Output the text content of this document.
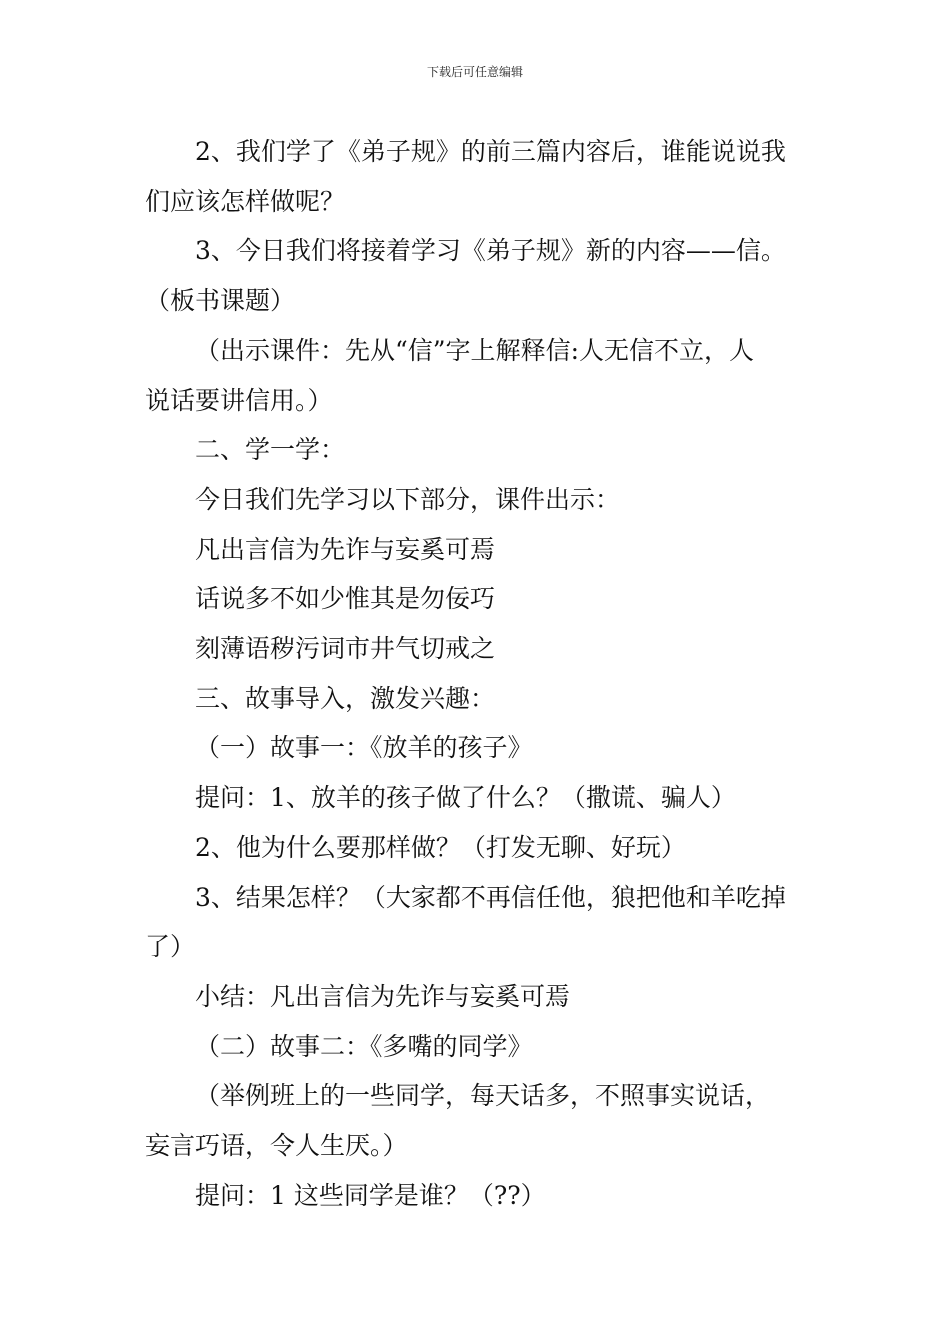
下载后可任意编辑

2、我们学了《弟子规》的前三篇内容后，谁能说说我

们应该怎样做呢？

3、今日我们将接着学习《弟子规》新的内容——信。

（板书课题）

（出示课件：先从“信”字上解释信:人无信不立，人

说话要讲信用。）

二、学一学：

今日我们先学习以下部分，课件出示：

凡出言信为先诈与妄奚可焉

话说多不如少惟其是勿佞巧

刻薄语秽污词市井气切戒之

三、故事导入，激发兴趣：

（一）故事一：《放羊的孩子》

提问：1、放羊的孩子做了什么？（撒谎、骗人）

2、他为什么要那样做？（打发无聊、好玩）

3、结果怎样？（大家都不再信任他，狼把他和羊吃掉

了）

小结：凡出言信为先诈与妄奚可焉

（二）故事二：《多嘴的同学》

（举例班上的一些同学，每天话多，不照事实说话，

妄言巧语，令人生厌。）

提问：1 这些同学是谁？（??）
